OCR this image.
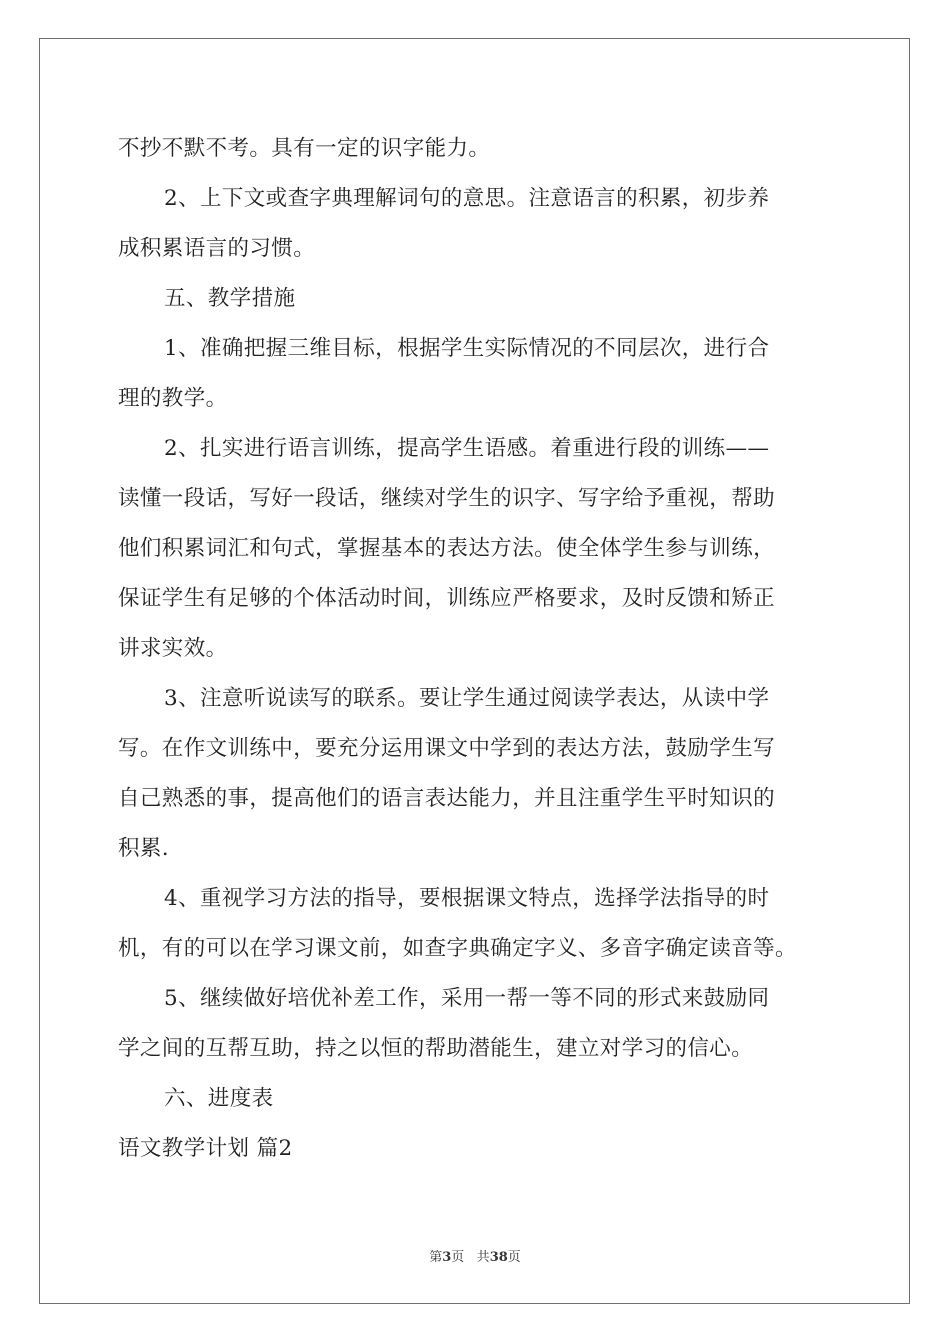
不抄不默不考。具有一定的识字能力。
2、上下文或查字典理解词句的意思。注意语言的积累，初步养
成积累语言的习惯。
五、教学措施
1、准确把握三维目标，根据学生实际情况的不同层次，进行合
理的教学。
2、扎实进行语言训练，提高学生语感。着重进行段的训练——
读懂一段话，写好一段话，继续对学生的识字、写字给予重视，帮助
他们积累词汇和句式，掌握基本的表达方法。使全体学生参与训练，
保证学生有足够的个体活动时间，训练应严格要求，及时反馈和矫正
讲求实效。
3、注意听说读写的联系。要让学生通过阅读学表达，从读中学
写。在作文训练中，要充分运用课文中学到的表达方法，鼓励学生写
自己熟悉的事，提高他们的语言表达能力，并且注重学生平时知识的
积累.
4、重视学习方法的指导，要根据课文特点，选择学法指导的时
机，有的可以在学习课文前，如查字典确定字义、多音字确定读音等。
5、继续做好培优补差工作，采用一帮一等不同的形式来鼓励同
学之间的互帮互助，持之以恒的帮助潜能生，建立对学习的信心。
六、进度表
语文教学计划 篇2
第3页 共38页
